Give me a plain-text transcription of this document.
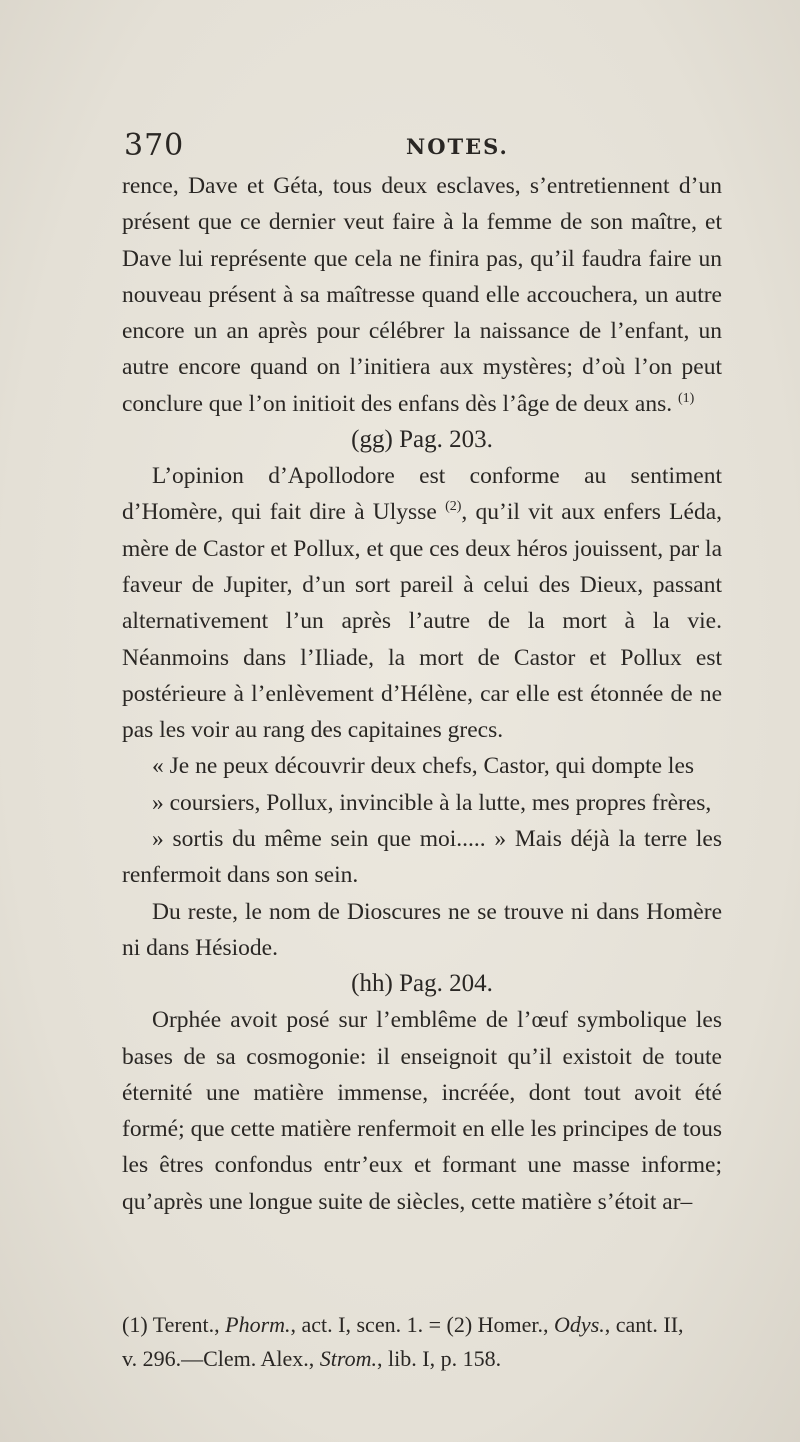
370	NOTES.

rence, Dave et Géta, tous deux esclaves, s’entretiennent d’un présent que ce dernier veut faire à la femme de son maître, et Dave lui représente que cela ne finira pas, qu’il faudra faire un nouveau présent à sa maîtresse quand elle accouchera, un autre encore un an après pour célébrer la naissance de l’enfant, un autre encore quand on l’initiera aux mystères; d’où l’on peut conclure que l’on initioit des enfans dès l’âge de deux ans. $^{(1)}$

(gg) Pag. 203.

L’opinion d’Apollodore est conforme au sentiment d’Homère, qui fait dire à Ulysse $^{(2)}$, qu’il vit aux enfers Léda, mère de Castor et Pollux, et que ces deux héros jouissent, par la faveur de Jupiter, d’un sort pareil à celui des Dieux, passant alternativement l’un après l’autre de la mort à la vie. Néanmoins dans l’Iliade, la mort de Castor et Pollux est postérieure à l’enlèvement d’Hélène, car elle est étonnée de ne pas les voir au rang des capitaines grecs.

« Je ne peux découvrir deux chefs, Castor, qui dompte les
» coursiers, Pollux, invincible à la lutte, mes propres frères,
» sortis du même sein que moi..... » Mais déjà la terre les renfermoit dans son sein.

Du reste, le nom de Dioscures ne se trouve ni dans Homère ni dans Hésiode.

(hh) Pag. 204.

Orphée avoit posé sur l’emblême de l’œuf symbolique les bases de sa cosmogonie: il enseignoit qu’il existoit de toute éternité une matière immense, incréée, dont tout avoit été formé; que cette matière renfermoit en elle les principes de tous les êtres confondus entr’eux et formant une masse informe; qu’après une longue suite de siècles, cette matière s’étoit ar–

(1) Terent., Phorm., act. I, scen. 1. = (2) Homer., Odys., cant. II,

v. 296.—Clem. Alex., Strom., lib. I, p. 158.
